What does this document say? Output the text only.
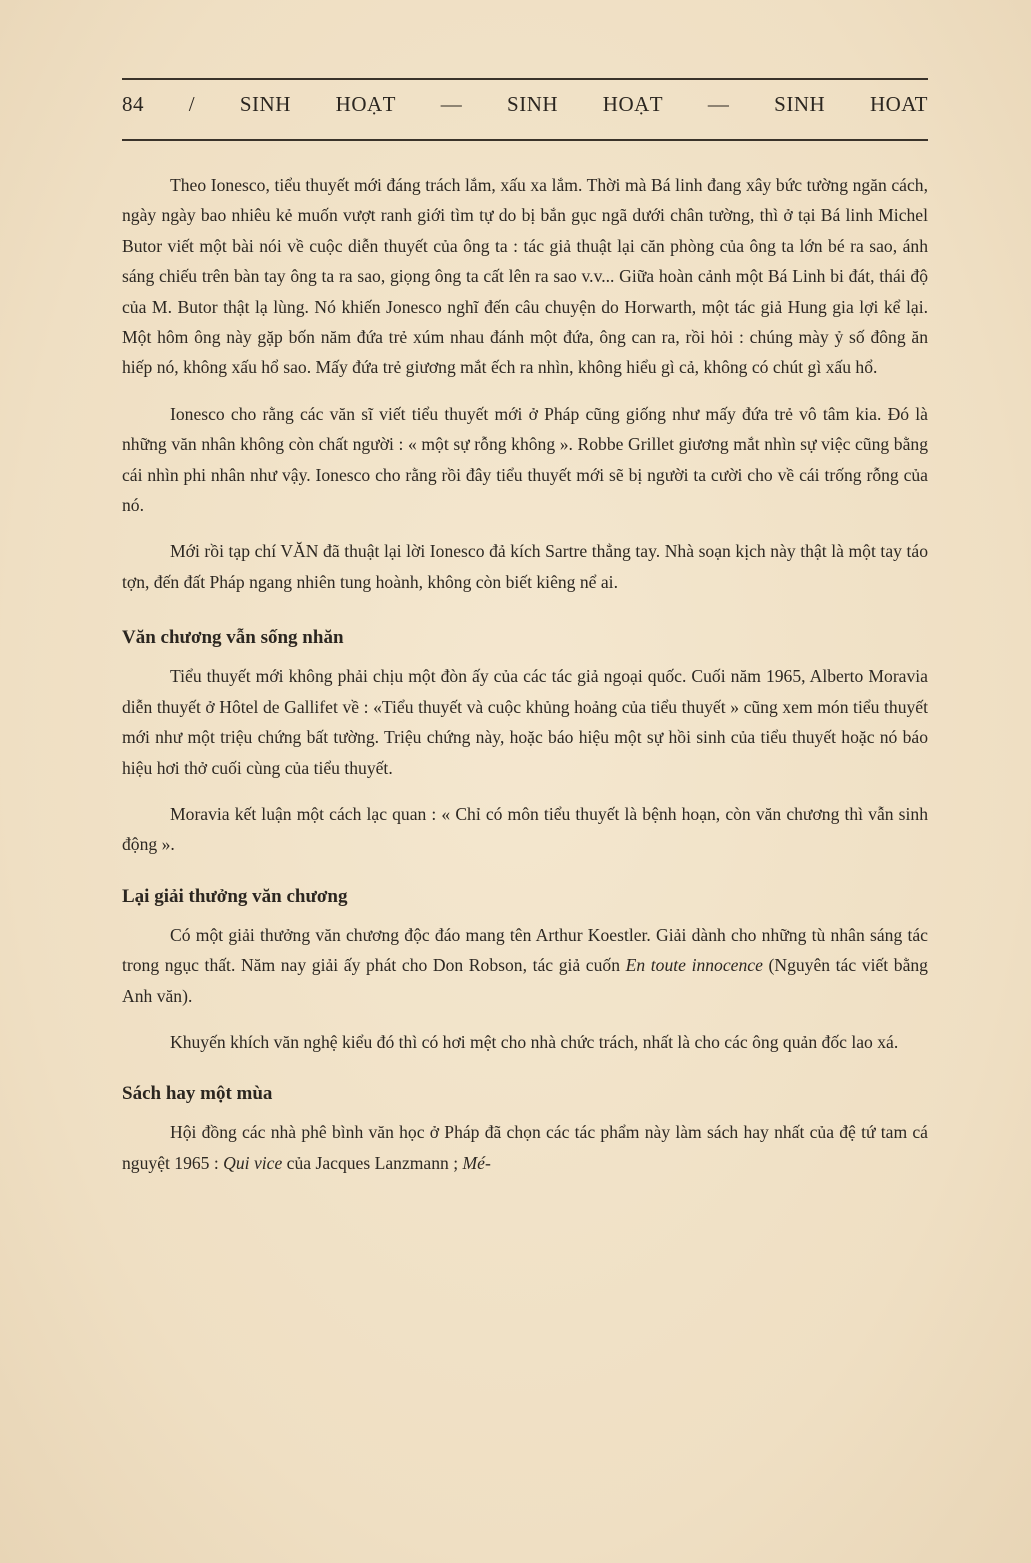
84 / SINH HOẠT — SINH HOẠT — SINH HOAT

Theo Ionesco, tiểu thuyết mới đáng trách lắm, xấu xa lắm. Thời mà Bá linh đang xây bức tường ngăn cách, ngày ngày bao nhiêu kẻ muốn vượt ranh giới tìm tự do bị bắn gục ngã dưới chân tường, thì ở tại Bá linh Michel Butor viết một bài nói về cuộc diễn thuyết của ông ta : tác giả thuật lại căn phòng của ông ta lớn bé ra sao, ánh sáng chiếu trên bàn tay ông ta ra sao, giọng ông ta cất lên ra sao v.v... Giữa hoàn cảnh một Bá Linh bi đát, thái độ của M. Butor thật lạ lùng. Nó khiến Jonesco nghĩ đến câu chuyện do Horwarth, một tác giả Hung gia lợi kể lại. Một hôm ông này gặp bốn năm đứa trẻ xúm nhau đánh một đứa, ông can ra, rồi hỏi : chúng mày ỷ số đông ăn hiếp nó, không xấu hổ sao. Mấy đứa trẻ giương mắt ếch ra nhìn, không hiểu gì cả, không có chút gì xấu hổ.

Ionesco cho rằng các văn sĩ viết tiểu thuyết mới ở Pháp cũng giống như mấy đứa trẻ vô tâm kia. Đó là những văn nhân không còn chất người : « một sự rỗng không ». Robbe Grillet giương mắt nhìn sự việc cũng bằng cái nhìn phi nhân như vậy. Ionesco cho rằng rồi đây tiểu thuyết mới sẽ bị người ta cười cho về cái trống rỗng của nó.

Mới rồi tạp chí VĂN đã thuật lại lời Ionesco đả kích Sartre thẳng tay. Nhà soạn kịch này thật là một tay táo tợn, đến đất Pháp ngang nhiên tung hoành, không còn biết kiêng nể ai.

Văn chương vẫn sống nhăn

Tiểu thuyết mới không phải chịu một đòn ấy của các tác giả ngoại quốc. Cuối năm 1965, Alberto Moravia diễn thuyết ở Hôtel de Gallifet về : «Tiểu thuyết và cuộc khủng hoảng của tiểu thuyết » cũng xem món tiểu thuyết mới như một triệu chứng bất tường. Triệu chứng này, hoặc báo hiệu một sự hồi sinh của tiểu thuyết hoặc nó báo hiệu hơi thở cuối cùng của tiểu thuyết.

Moravia kết luận một cách lạc quan : « Chỉ có môn tiểu thuyết là bệnh hoạn, còn văn chương thì vẫn sinh động ».

Lại giải thưởng văn chương

Có một giải thưởng văn chương độc đáo mang tên Arthur Koestler. Giải dành cho những tù nhân sáng tác trong ngục thất. Năm nay giải ấy phát cho Don Robson, tác giả cuốn En toute innocence (Nguyên tác viết bằng Anh văn).

Khuyến khích văn nghệ kiểu đó thì có hơi mệt cho nhà chức trách, nhất là cho các ông quản đốc lao xá.

Sách hay một mùa

Hội đồng các nhà phê bình văn học ở Pháp đã chọn các tác phẩm này làm sách hay nhất của đệ tứ tam cá nguyệt 1965 : Qui vice của Jacques Lanzmann ; Mé-
